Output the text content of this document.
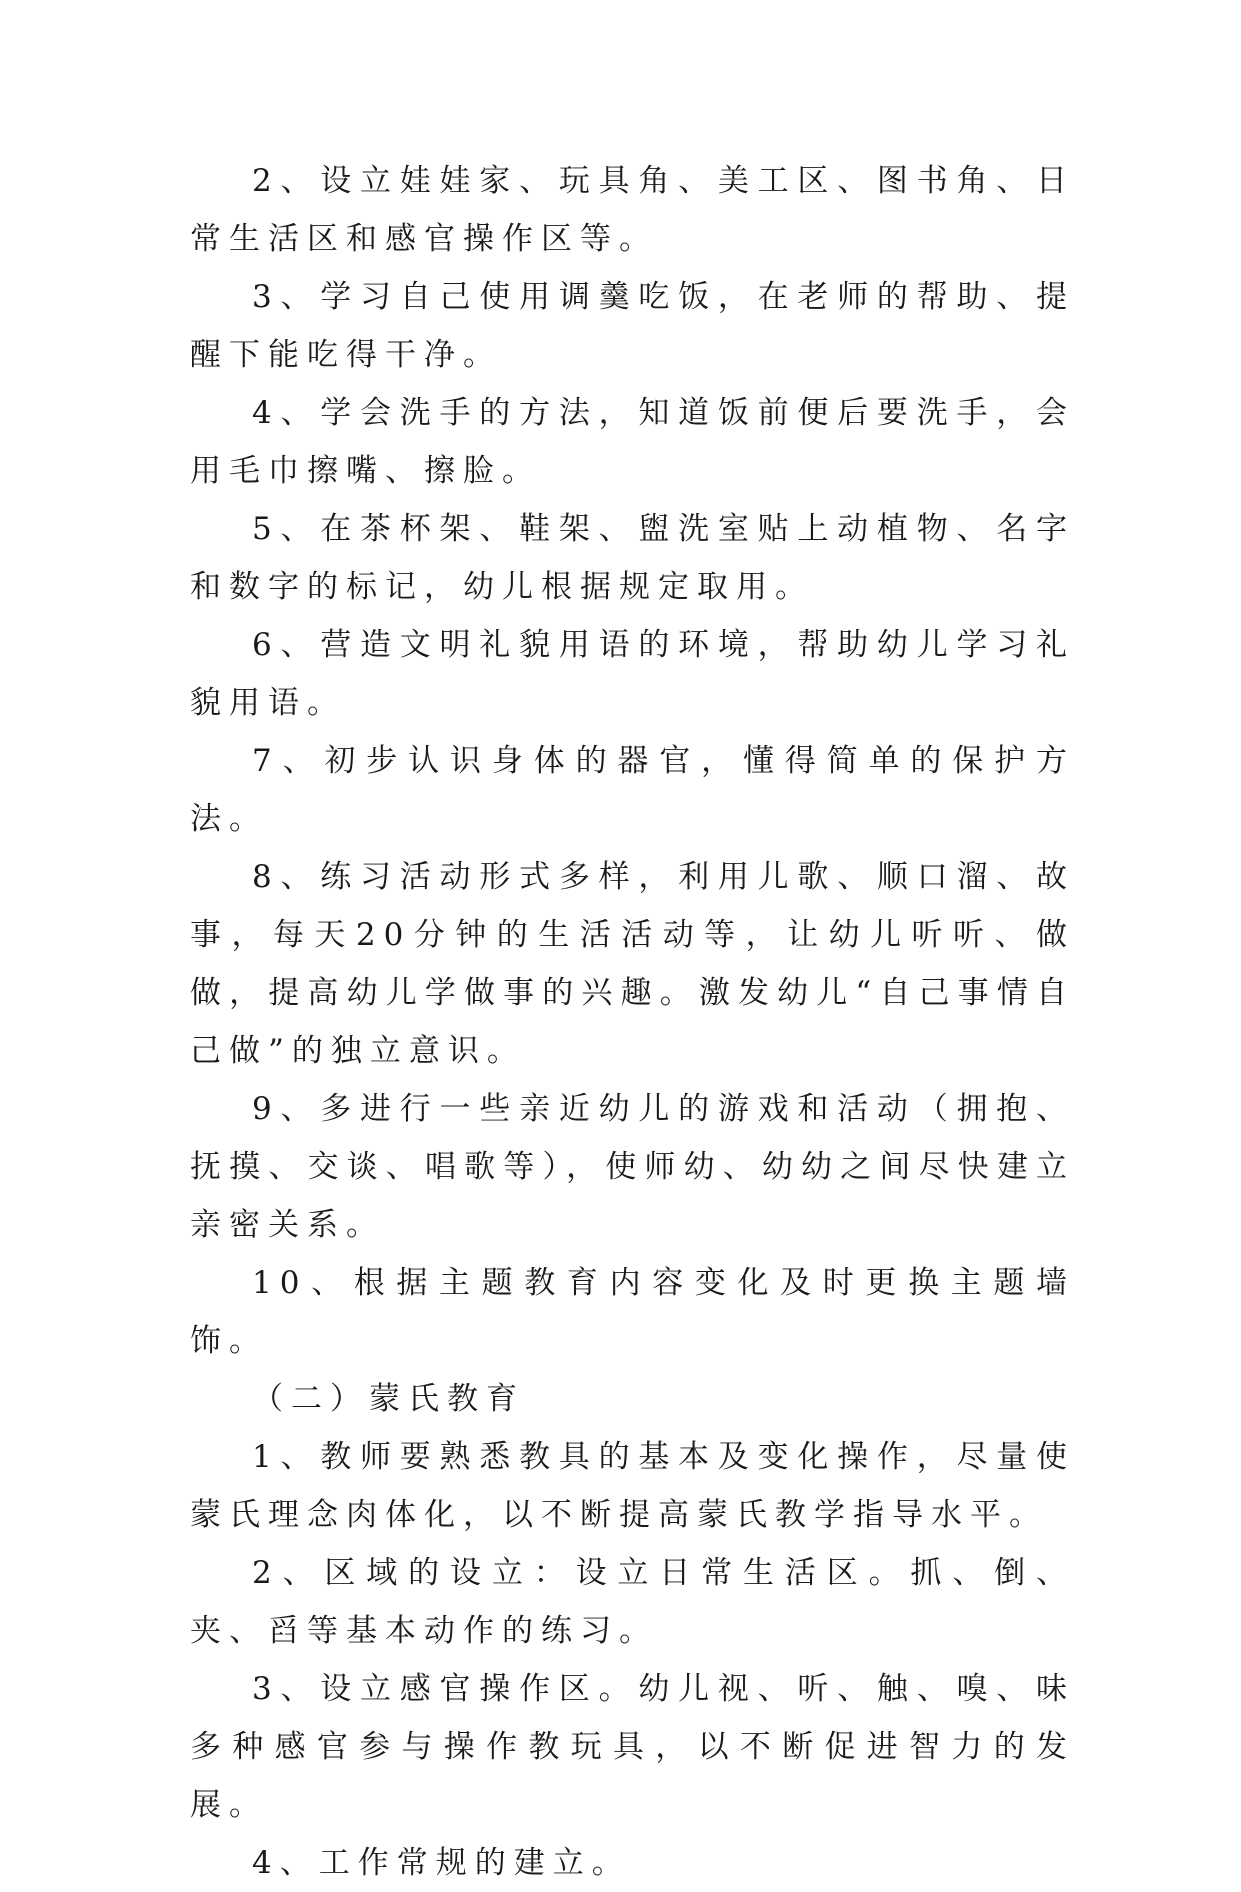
2、设立娃娃家、玩具角、美工区、图书角、日常生活区和感官操作区等。

3、学习自己使用调羹吃饭，在老师的帮助、提醒下能吃得干净。

4、学会洗手的方法，知道饭前便后要洗手，会用毛巾擦嘴、擦脸。

5、在茶杯架、鞋架、盥洗室贴上动植物、名字和数字的标记，幼儿根据规定取用。

6、营造文明礼貌用语的环境，帮助幼儿学习礼貌用语。

7、初步认识身体的器官，懂得简单的保护方法。

8、练习活动形式多样，利用儿歌、顺口溜、故事，每天20分钟的生活活动等，让幼儿听听、做做，提高幼儿学做事的兴趣。激发幼儿“自己事情自己做”的独立意识。

9、多进行一些亲近幼儿的游戏和活动（拥抱、抚摸、交谈、唱歌等），使师幼、幼幼之间尽快建立亲密关系。

10、根据主题教育内容变化及时更换主题墙饰。

（二）蒙氏教育

1、教师要熟悉教具的基本及变化操作，尽量使蒙氏理念肉体化，以不断提高蒙氏教学指导水平。

2、区域的设立：设立日常生活区。抓、倒、夹、舀等基本动作的练习。

3、设立感官操作区。幼儿视、听、触、嗅、味多种感官参与操作教玩具，以不断促进智力的发展。

4、工作常规的建立。
